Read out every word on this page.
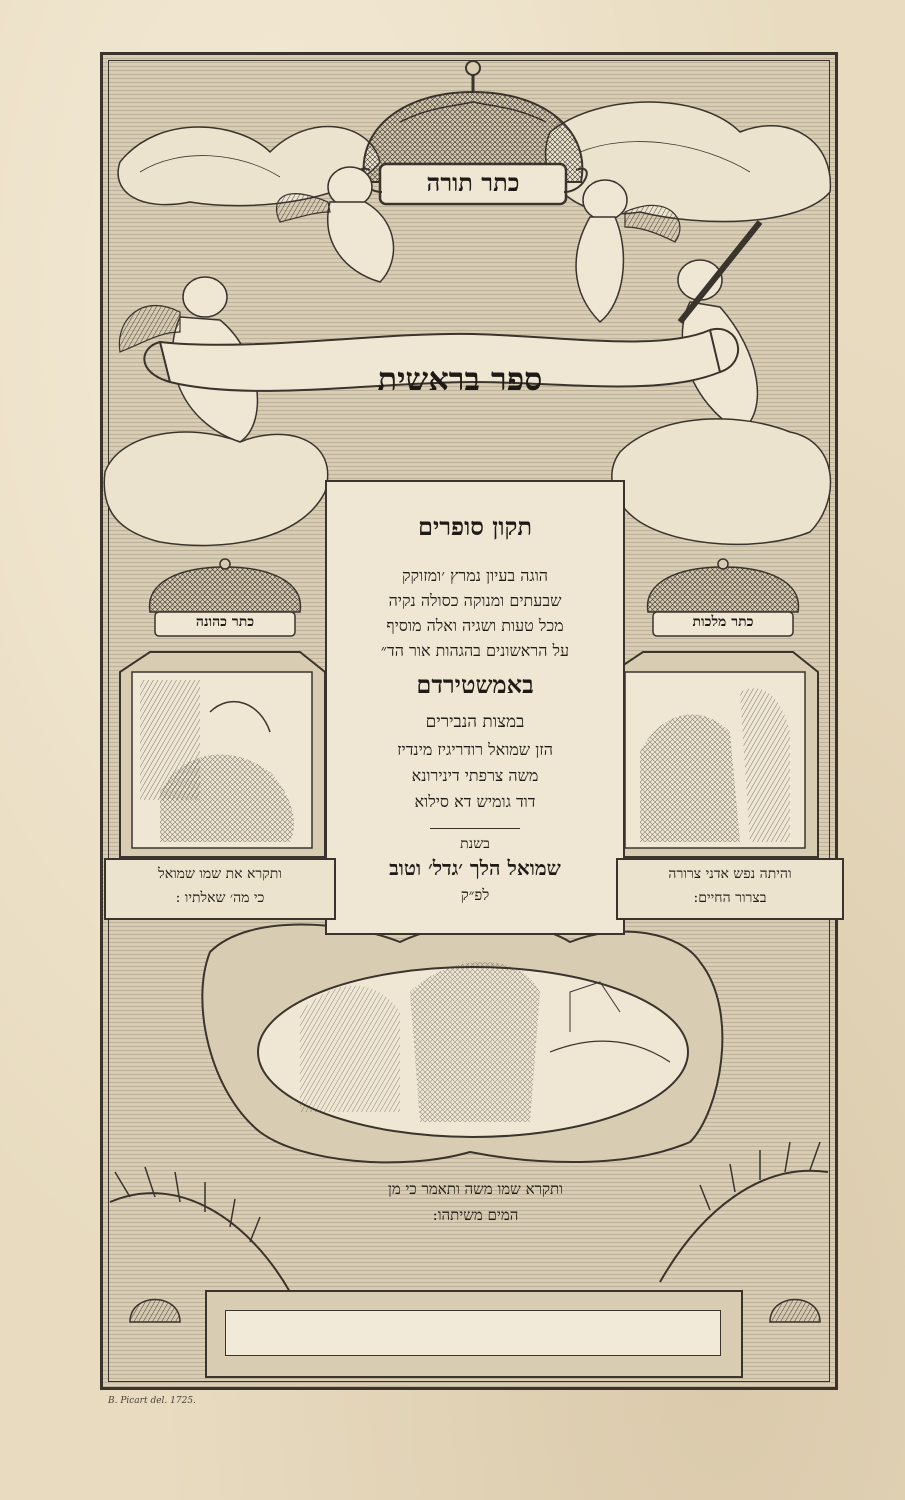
כתר תורה
ספר בראשית
תקון סופרים
הוגה בעיון נמרץ ׳ומזוקק
שבעתים ומנוקה כסולה נקיה
מכל טעות ושגיה ואלה מוסיף
על הראשונים בהגהות אור הד״
באמשטירדם
במצות הנבירים
הזן שמואל רודריגיז מינדיז
משה צרפתי דינירונא
דוד גומיש דא סילוא
בשנת
שמואל הלך ׳גדל׳ וטוב
לפ״ק
כתר כהונה	כתר מלכות
ותקרא את שמו שמואל
כי מה׳ שאלתיו :
והיתה נפש אדני צרורה
בצרור החיים:
ותקרא שמו משה ותאמר כי מן
המים משיתהו:
B. Picart del. 1725.
